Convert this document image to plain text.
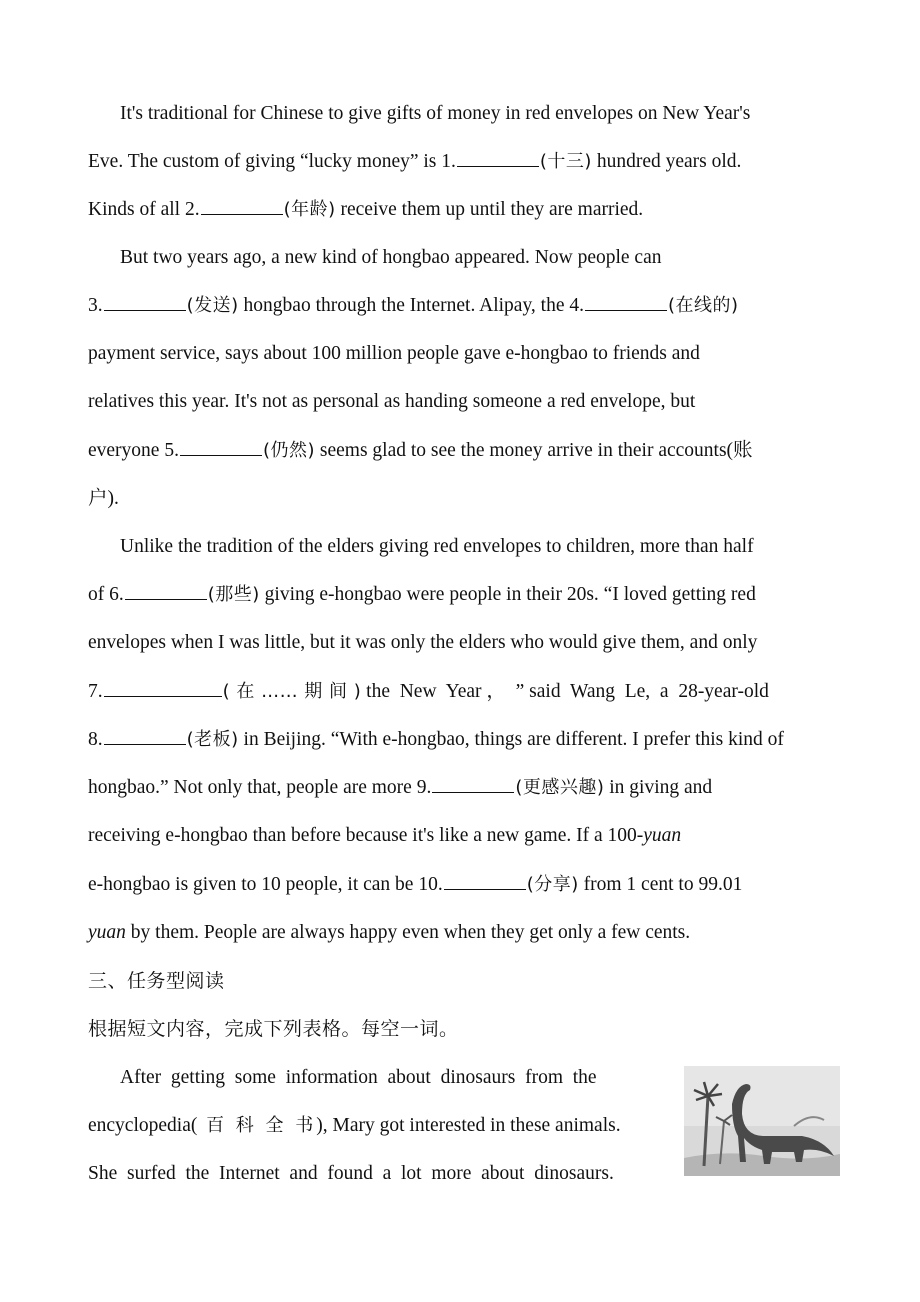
It's traditional for Chinese to give gifts of money in red envelopes on New Year's
Eve. The custom of giving “lucky money” is 1.	(十三) hundred years old.
Kinds of all 2.	(年龄) receive them up until they are married.
But two years ago, a new kind of hongbao appeared. Now people can
3.	(发送) hongbao through the Internet. Alipay, the 4.	(在线的)
payment service, says about 100 million people gave e-hongbao to friends and
relatives this year. It's not as personal as handing someone a red envelope, but
everyone 5.	(仍然) seems glad to see the money arrive in their accounts(账
户).
Unlike the tradition of the elders giving red envelopes to children, more than half
of 6.	(那些) giving e-hongbao were people in their 20s. “I loved getting red
envelopes when I was little, but it was only the elders who would give them, and only
7.	( 在 …… 期 间 ) the  New  Year ，  ” said  Wang  Le,  a  28-year-old
8.	(老板) in Beijing. “With e-hongbao, things are different. I prefer this kind of
hongbao.” Not only that, people are more 9.	(更感兴趣) in giving and
receiving e-hongbao than before because it's like a new game. If a 100-yuan
e-hongbao is given to 10 people, it can be 10.	(分享) from 1 cent to 99.01
yuan by them. People are always happy even when they get only a few cents.
三、任务型阅读
根据短文内容，完成下列表格。每空一词。
After  getting  some  information  about  dinosaurs  from  the
encyclopedia( 百 科 全 书), Mary got interested in these animals.
She  surfed  the  Internet  and  found  a  lot  more  about  dinosaurs.
